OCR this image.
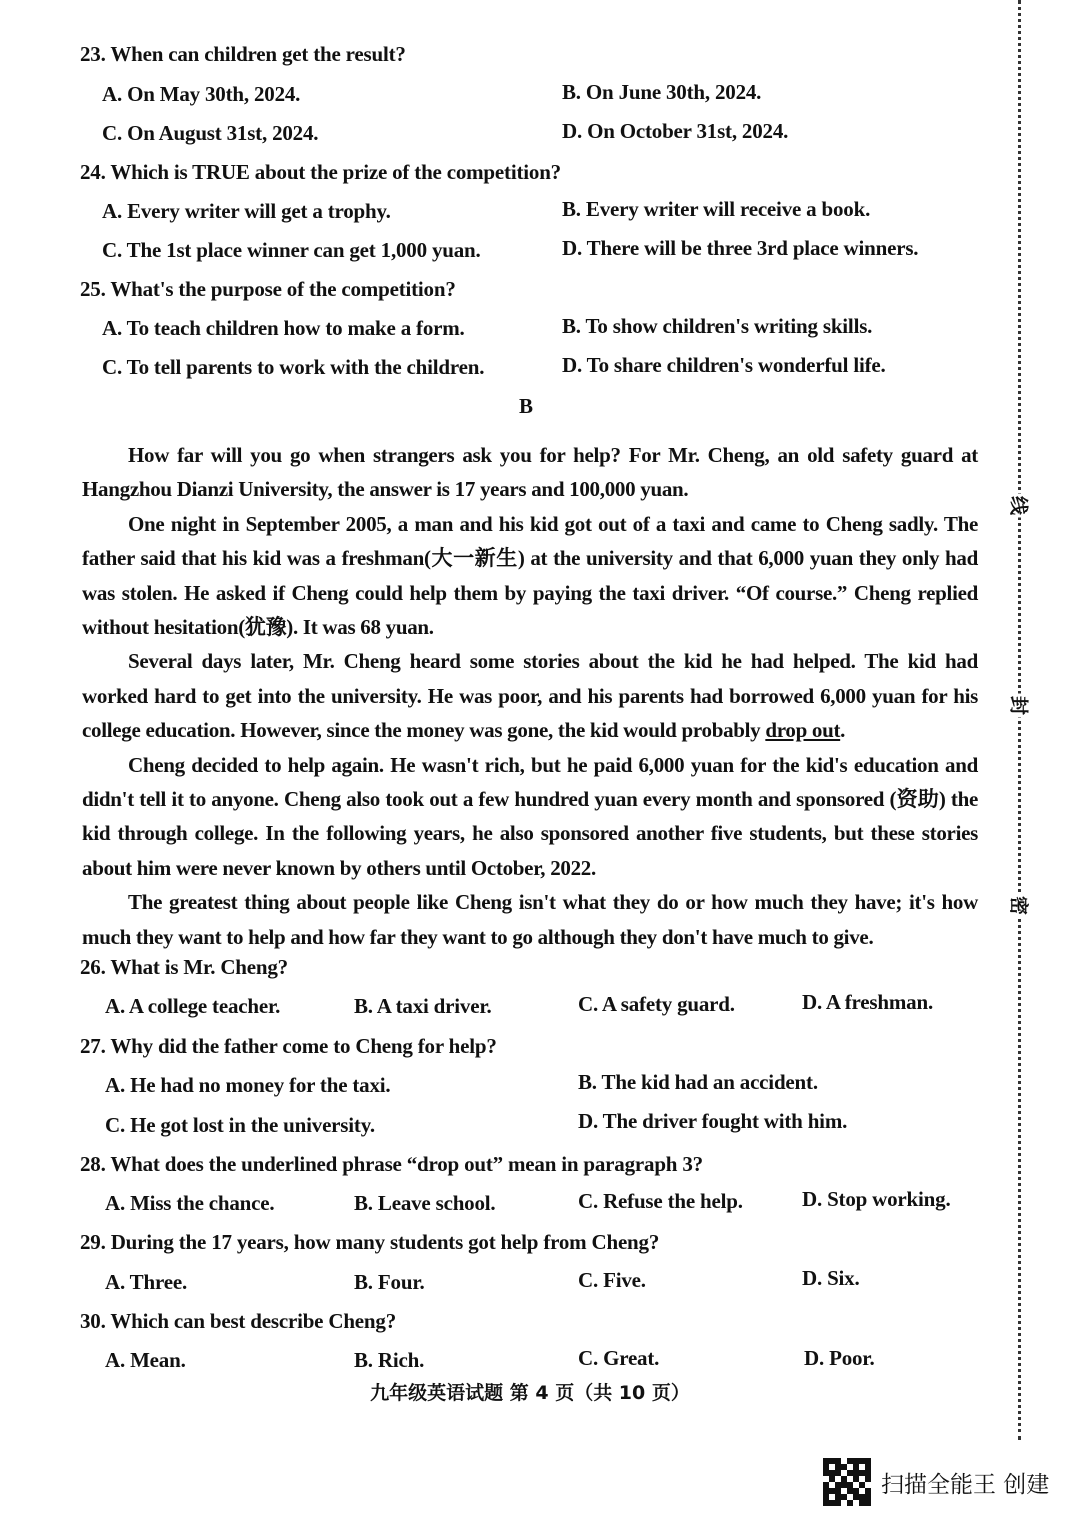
23. When can children get the result?
A. On May 30th, 2024.	B. On June 30th, 2024.
C. On August 31st, 2024.	D. On October 31st, 2024.
24. Which is TRUE about the prize of the competition?
A. Every writer will get a trophy.	B. Every writer will receive a book.
C. The 1st place winner can get 1,000 yuan.	D. There will be three 3rd place winners.
25. What's the purpose of the competition?
A. To teach children how to make a form.	B. To show children's writing skills.
C. To tell parents to work with the children.	D. To share children's wonderful life.
B

How far will you go when strangers ask you for help? For Mr. Cheng, an old safety guard at Hangzhou Dianzi University, the answer is 17 years and 100,000 yuan.

One night in September 2005, a man and his kid got out of a taxi and came to Cheng sadly. The father said that his kid was a freshman(大一新生) at the university and that 6,000 yuan they only had was stolen. He asked if Cheng could help them by paying the taxi driver. “Of course.” Cheng replied without hesitation(犹豫). It was 68 yuan.

Several days later, Mr. Cheng heard some stories about the kid he had helped. The kid had worked hard to get into the university. He was poor, and his parents had borrowed 6,000 yuan for his college education. However, since the money was gone, the kid would probably drop out.

Cheng decided to help again. He wasn't rich, but he paid 6,000 yuan for the kid's education and didn't tell it to anyone. Cheng also took out a few hundred yuan every month and sponsored (资助) the kid through college. In the following years, he also sponsored another five students, but these stories about him were never known by others until October, 2022.

The greatest thing about people like Cheng isn't what they do or how much they have; it's how much they want to help and how far they want to go although they don't have much to give.

26. What is Mr. Cheng?
A. A college teacher.	B. A taxi driver.	C. A safety guard.	D. A freshman.
27. Why did the father come to Cheng for help?
A. He had no money for the taxi.	B. The kid had an accident.
C. He got lost in the university.	D. The driver fought with him.
28. What does the underlined phrase “drop out” mean in paragraph 3?
A. Miss the chance.	B. Leave school.	C. Refuse the help.	D. Stop working.
29. During the 17 years, how many students got help from Cheng?
A. Three.	B. Four.	C. Five.	D. Six.
30. Which can best describe Cheng?
A. Mean.	B. Rich.	C. Great.	D. Poor.
九年级英语试题 第 4 页（共 10 页）
线
封
密
扫描全能王 创建
